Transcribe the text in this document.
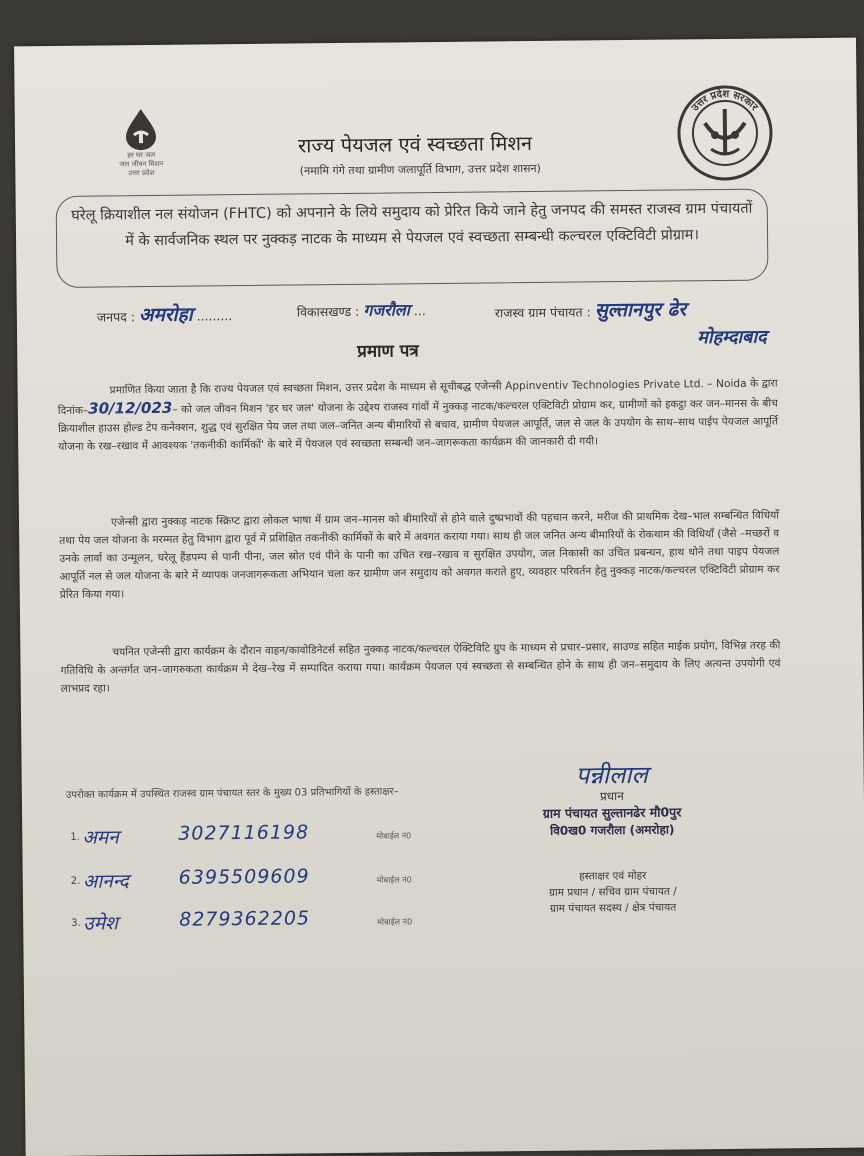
हर घर जल
जल जीवन मिशन
उत्तर प्रदेश
उत्तर प्रदेश सरकार
राज्य पेयजल एवं स्वच्छता मिशन
(नमामि गंगे तथा ग्रामीण जलापूर्ति विभाग, उत्तर प्रदेश शासन)
घरेलू क्रियाशील नल संयोजन (FHTC) को अपनाने के लिये समुदाय को प्रेरित किये जाने हेतु जनपद की समस्त राजस्व ग्राम पंचायतों में के सार्वजनिक स्थल पर नुक्कड़ नाटक के माध्यम से पेयजल एवं स्वच्छता सम्बन्धी कल्चरल एक्टिविटी प्रोग्राम।
जनपद : अमरोहा .........	विकासखण्ड : गजरौला ...	राजस्व ग्राम पंचायत : सुल्तानपुर ढेर
मोहम्दाबाद
प्रमाण पत्र
प्रमाणित किया जाता है कि राज्य पेयजल एवं स्वच्छता मिशन, उत्तर प्रदेश के माध्यम से सूचीबद्ध एजेन्सी Appinventiv Technologies Private Ltd. – Noida के द्वारा दिनांक–30/12/023– को जल जीवन मिशन 'हर घर जल' योजना के उद्देश्य राजस्व गांवों में नुक्कड़ नाटक/कल्चरल एक्टिविटी प्रोग्राम कर, ग्रामीणों को इकट्ठा कर जन–मानस के बीच क्रियाशील हाउस होल्ड टेप कनेक्शन, शुद्ध एवं सुरक्षित पेय जल तथा जल–जनित अन्य बीमारियों से बचाव, ग्रामीण पेयजल आपूर्ति, जल से जल के उपयोग के साथ–साथ पाईप पेयजल आपूर्ति योजना के रख–रखाव में आवश्यक 'तकनीकी कार्मिकों' के बारे में पेयजल एवं स्वच्छता सम्बन्धी जन–जागरूकता कार्यक्रम की जानकारी दी गयी।
एजेन्सी द्वारा नुक्कड़ नाटक स्क्रिप्ट द्वारा लोकल भाषा में ग्राम जन–मानस को बीमारियों से होने वाले दुष्प्रभावों की पहचान करने, मरीज की प्राथमिक देख–भाल सम्बन्धित विधियाँ तथा पेय जल योजना के मरम्मत हेतु विभाग द्वारा पूर्व में प्रशिक्षित तकनीकी कार्मिकों के बारे में अवगत कराया गया। साथ ही जल जनित अन्य बीमारियों के रोकथाम की विधियाँ (जैसे –मच्छरों व उनके लार्वा का उन्मूलन, घरेलू हैंडपम्प से पानी पीना, जल स्रोत एवं पीने के पानी का उचित रख–रखाव व सुरक्षित उपयोग, जल निकासी का उचित प्रबन्धन, हाथ धोने तथा पाइप पेयजल आपूर्ति नल से जल योजना के बारे में व्यापक जनजागरूकता अभियान चला कर ग्रामीण जन समुदाय को अवगत कराते हुए, व्यवहार परिवर्तन हेतु नुक्कड़ नाटक/कल्चरल एक्टिविटी प्रोग्राम कर प्रेरित किया गया।
चयनित एजेन्सी द्वारा कार्यक्रम के दौरान वाहन/कावोडिनेटर्स सहित नुक्कड़ नाटक/कल्चरल ऐक्टिविटि ग्रुप के माध्यम से प्रचार–प्रसार, साउण्ड सहित माईक प्रयोग, विभिन्न तरह की गतिविधि के अन्तर्गत जन–जागरुकता कार्यक्रम मे देख–रेख में सम्पादित कराया गया। कार्यक्रम पेयजल एवं स्वच्छता से सम्बन्धित होने के साथ ही जन–समुदाय के लिए अत्यन्त उपयोगी एवं लाभप्रद रहा।
उपरोक्त कार्यक्रम में उपस्थित राजस्व ग्राम पंचायत स्तर के मुख्य 03 प्रतिभागियों के हस्ताक्षर–
1. अमन	3027116198	मोबाईल नं0
2. आनन्द	6395509609	मोबाईल नं0
3. उमेश	8279362205	मोबाईल नं0
पन्नीलाल
प्रधान
ग्राम पंचायत सुल्तानढेर मौ0पुर
वि0ख0 गजरौला (अमरोहा)
हस्ताक्षर एवं मोहर
ग्राम प्रधान / सचिव ग्राम पंचायत /
ग्राम पंचायत सदस्य / क्षेत्र पंचायत
